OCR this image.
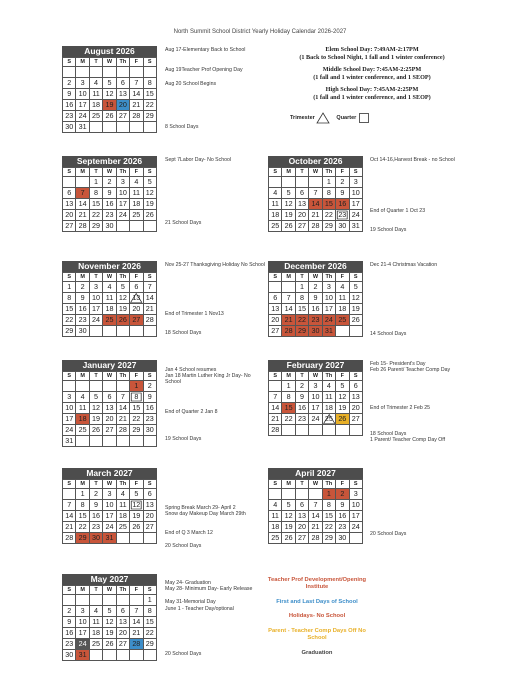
North Summit School District Yearly Holiday Calendar 2026-2027
Elem School Day: 7:49AM-2:17PM
(1 Back to School Night, 1 fall and 1 winter conference)
Middle School Day: 7:45AM-2:25PM
(1 fall and 1 winter conference, and 1 SEOP)
High School Day: 7:45AM-2:25PM
(1 fall and 1 winter conference, and 1 SEOP)
Trimester	Quarter
August 2026
S	M	T	W	Th	F	S

2	3	4	5	6	7	8
9	10	11	12	13	14	15
16	17	18	19	20	21	22
23	24	25	26	27	28	29
30	31					
Aug 17-Elementary Back to School
Aug 19Teacher Prof Opening Day
Aug 20 School Begins
8 School Days
September 2026
S	M	T	W	Th	F	S
		1	2	3	4	5
6	7	8	9	10	11	12
13	14	15	16	17	18	19
20	21	22	23	24	25	26
27	28	29	30			
Sept 7Labor Day- No School
21 School Days
October 2026
S	M	T	W	Th	F	S
				1	2	3
4	5	6	7	8	9	10
11	12	13	14	15	16	17
18	19	20	21	22	23	24
25	26	27	28	29	30	31
Oct 14-16,Harvest Break - no School
End of Quarter 1 Oct 23
19 School Days
November 2026
S	M	T	W	Th	F	S
1	2	3	4	5	6	7
8	9	10	11	12	13	14
15	16	17	18	19	20	21
22	23	24	25	26	27	28
29	30					
Nov 25-27 Thanksgiving Holiday No School
End of Trimester 1 Nov13
18 School Days
December 2026
S	M	T	W	Th	F	S
		1	2	3	4	5
6	7	8	9	10	11	12
13	14	15	16	17	18	19
20	21	22	23	24	25	26
27	28	29	30	31		
Dec 21-4 Christmas Vacation
14 School Days
January 2027
S	M	T	W	Th	F	S
					1	2
3	4	5	6	7	8	9
10	11	12	13	14	15	16
17	18	19	20	21	22	23
24	25	26	27	28	29	30
31						
Jan 4 School resumes
Jan 18 Martin Luther King Jr Day- No School
End of Quarter 2 Jan 8
19 School Days
February 2027
S	M	T	W	Th	F	S
	1	2	3	4	5	6
7	8	9	10	11	12	13
14	15	16	17	18	19	20
21	22	23	24	25	26	27
28						
Feb 15- President's Day
Feb 26 Parent/ Teacher Comp Day
End of Trimester 2 Feb 25
18 School Days
1 Parent/ Teacher Comp Day Off
March 2027
S	M	T	W	Th	F	S
	1	2	3	4	5	6
7	8	9	10	11	12	13
14	15	16	17	18	19	20
21	22	23	24	25	26	27
28	29	30	31			
Spring Break March 29- April 2
Snow day Makeup Day March 29th
End of Q 3 March 12
20 School Days
April 2027
S	M	T	W	Th	F	S
				1	2	3
4	5	6	7	8	9	10
11	12	13	14	15	16	17
18	19	20	21	22	23	24
25	26	27	28	29	30		20 School Days
May 2027
S	M	T	W	Th	F	S
						1
2	3	4	5	6	7	8
9	10	11	12	13	14	15
16	17	18	19	20	21	22
23	24	25	26	27	28	29
30	31					
May 24- Graduation
May 28- Minimum Day- Early Release
May 31-Memorial Day
June 1 - Teacher Day/optional
20 School Days
Teacher Prof Development/Opening Institute
First and Last Days of School
Holidays- No School
Parent - Teacher Comp Days Off No School
Graduation
